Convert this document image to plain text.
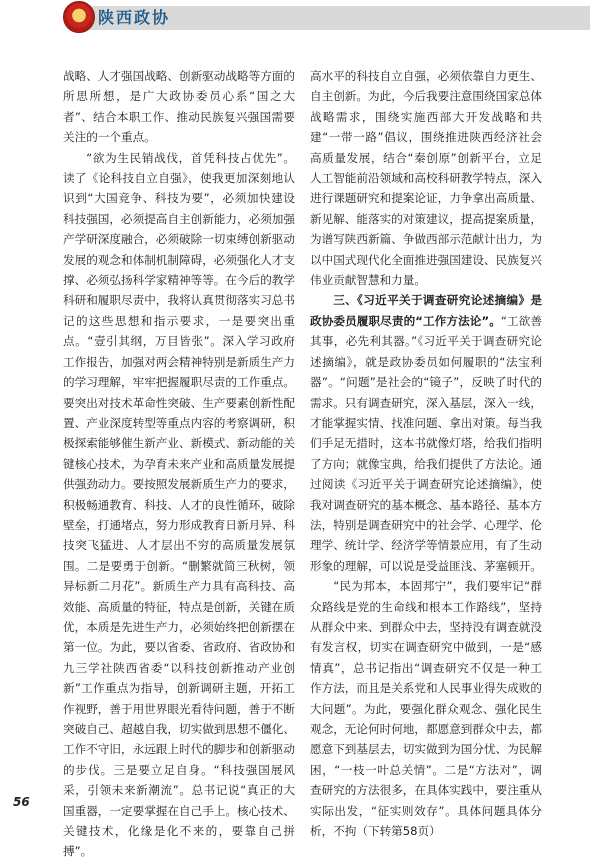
陕西政协

战略、人才强国战略、创新驱动战略等方面的所思所想，是广大政协委员心系“国之大者”、结合本职工作、推动民族复兴强国需要关注的一个重点。

“欲为生民销战伐，首凭科技占优先”。读了《论科技自立自强》，使我更加深刻地认识到“大国竞争、科技为要”，必须加快建设科技强国，必须提高自主创新能力，必须加强产学研深度融合，必须破除一切束缚创新驱动发展的观念和体制机制障碍，必须强化人才支撑、必须弘扬科学家精神等等。在今后的教学科研和履职尽责中，我将认真贯彻落实习总书记的这些思想和指示要求，一是要突出重点。“壹引其纲，万目皆张”。深入学习政府工作报告，加强对两会精神特别是新质生产力的学习理解，牢牢把握履职尽责的工作重点。要突出对技术革命性突破、生产要素创新性配置、产业深度转型等重点内容的考察调研，积极探索能够催生新产业、新模式、新动能的关键核心技术，为孕育未来产业和高质量发展提供强劲动力。要按照发展新质生产力的要求，积极畅通教育、科技、人才的良性循环，破除壁垒，打通堵点，努力形成教育日新月异、科技突飞猛进、人才层出不穷的高质量发展氛围。二是要勇于创新。“删繁就简三秋树，领异标新二月花”。新质生产力具有高科技、高效能、高质量的特征，特点是创新，关键在质优，本质是先进生产力，必须始终把创新摆在第一位。为此，要以省委、省政府、省政协和九三学社陕西省委“以科技创新推动产业创新”工作重点为指导，创新调研主题，开拓工作视野，善于用世界眼光看待问题，善于不断突破自己、超越自我，切实做到思想不僵化、工作不守旧，永远跟上时代的脚步和创新驱动的步伐。三是要立足自身。“科技强国展风采，引领未来新潮流”。总书记说“真正的大国重器，一定要掌握在自己手上。核心技术、关键技术，化缘是化不来的，要靠自己拼搏”。

高水平的科技自立自强，必须依靠自力更生、自主创新。为此，今后我要注意围绕国家总体战略需求，围绕实施西部大开发战略和共建“一带一路”倡议，围绕推进陕西经济社会高质量发展，结合“秦创原”创新平台，立足人工智能前沿领域和高校科研教学特点，深入进行课题研究和提案论证，力争拿出高质量、新见解、能落实的对策建议，提高提案质量，为谱写陕西新篇、争做西部示范献计出力，为以中国式现代化全面推进强国建设、民族复兴伟业贡献智慧和力量。

三、《习近平关于调查研究论述摘编》是政协委员履职尽责的“工作方法论”。“工欲善其事，必先利其器。”《习近平关于调查研究论述摘编》，就是政协委员如何履职的“法宝利器”。“问题”是社会的“镜子”，反映了时代的需求。只有调查研究，深入基层，深入一线，才能掌握实情、找准问题、拿出对策。每当我们手足无措时，这本书就像灯塔，给我们指明了方向；就像宝典，给我们提供了方法论。通过阅读《习近平关于调查研究论述摘编》，使我对调查研究的基本概念、基本路径、基本方法，特别是调查研究中的社会学、心理学、伦理学、统计学、经济学等情景应用，有了生动形象的理解，可以说是受益匪浅、茅塞顿开。

“民为邦本，本固邦宁”，我们要牢记“群众路线是党的生命线和根本工作路线”，坚持从群众中来、到群众中去，坚持没有调查就没有发言权，切实在调查研究中做到，一是“感情真”，总书记指出“调查研究不仅是一种工作方法，而且是关系党和人民事业得失成败的大问题”。为此，要强化群众观念、强化民生观念，无论何时何地，都愿意到群众中去，都愿意下到基层去，切实做到为国分忧、为民解困，“一枝一叶总关情”。二是“方法对”，调查研究的方法很多，在具体实践中，要注重从实际出发，“征实则效存”。具体问题具体分析，不拘（下转第58页）

56
